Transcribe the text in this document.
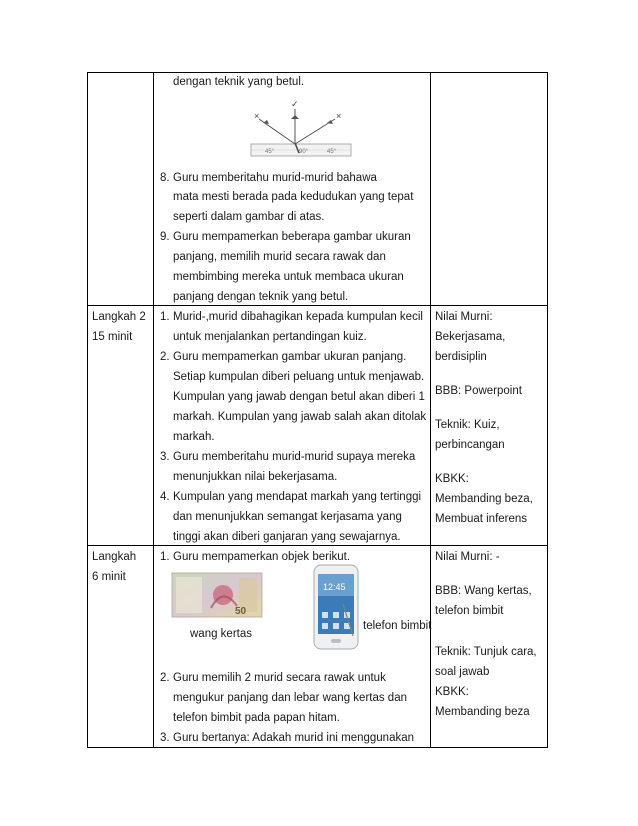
dengan teknik yang betul.
×
✓
×
45°	90°	45°
8. Guru memberitahu murid-murid bahawa
mata mesti berada pada kedudukan yang tepat
seperti dalam gambar di atas.
9. Guru mempamerkan beberapa gambar ukuran
panjang, memilih murid secara rawak dan
membimbing mereka untuk membaca ukuran
panjang dengan teknik yang betul.
Langkah 2
15 minit
1. Murid-,murid dibahagikan kepada kumpulan kecil
untuk menjalankan pertandingan kuiz.
2. Guru mempamerkan gambar ukuran panjang.
Setiap kumpulan diberi peluang untuk menjawab.
Kumpulan yang jawab dengan betul akan diberi 1
markah. Kumpulan yang jawab salah akan ditolak
markah.
3. Guru memberitahu murid-murid supaya mereka
menunjukkan nilai bekerjasama.
4. Kumpulan yang mendapat markah yang tertinggi
dan menunjukkan semangat kerjasama yang
tinggi akan diberi ganjaran yang sewajarnya.
Nilai Murni:
Bekerjasama,
berdisiplin
BBB: Powerpoint
Teknik: Kuiz,
perbincangan
KBKK:
Membanding beza,
Membuat inferens
Langkah
6 minit
1. Guru mempamerkan objek berikut.
50
wang kertas
12:45
telefon bimbit
2. Guru memilih 2 murid secara rawak untuk
mengukur panjang dan lebar wang kertas dan
telefon bimbit pada papan hitam.
3. Guru bertanya: Adakah murid ini menggunakan
Nilai Murni: -
BBB: Wang kertas,
telefon bimbit
Teknik: Tunjuk cara,
soal jawab
KBKK:
Membanding beza
